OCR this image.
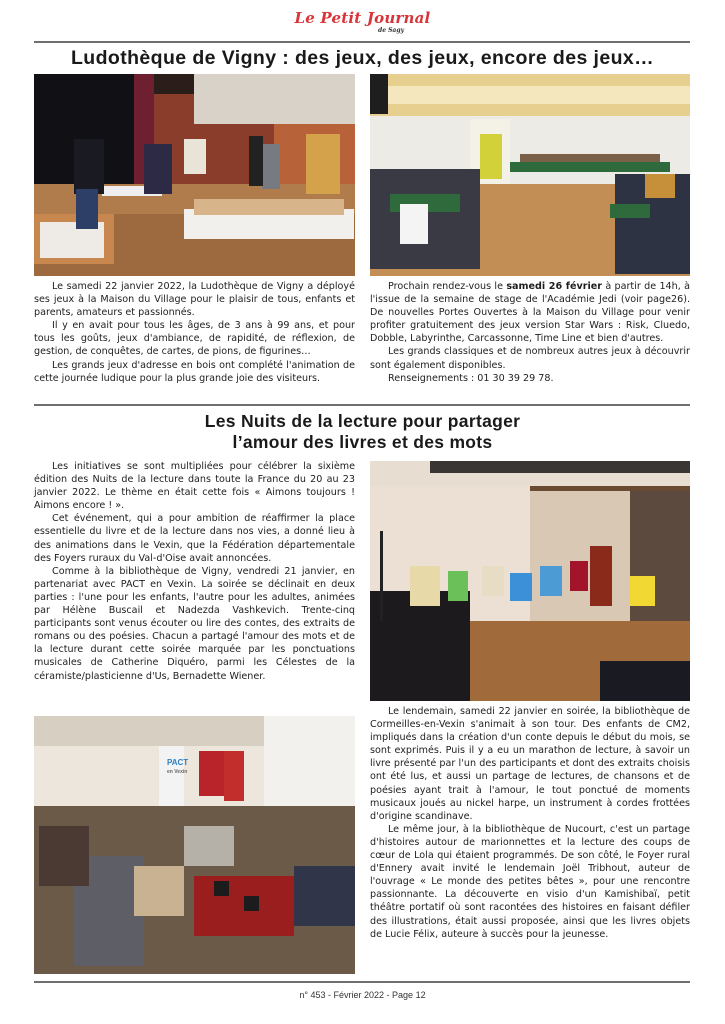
Le Petit Journal
de Sagy
Ludothèque de Vigny : des jeux, des jeux, encore des jeux…

Le samedi 22 janvier 2022, la Ludothèque de Vigny a déployé ses jeux à la Maison du Village pour le plaisir de tous, enfants et parents, amateurs et passionnés.

Il y en avait pour tous les âges, de 3 ans à 99 ans, et pour tous les goûts, jeux d'ambiance, de rapidité, de réflexion, de gestion, de conquêtes, de cartes, de pions, de figurines…

Les grands jeux d'adresse en bois ont complété l'animation de cette journée ludique pour la plus grande joie des visiteurs.

Prochain rendez-vous le samedi 26 février à partir de 14h, à l'issue de la semaine de stage de l'Académie Jedi (voir page26). De nouvelles Portes Ouvertes à la Maison du Village pour venir profiter gratuitement des jeux version Star Wars : Risk, Cluedo, Dobble, Labyrinthe, Carcassonne, Time Line et bien d'autres.

Les grands classiques et de nombreux autres jeux à découvrir sont également disponibles.

Renseignements : 01 30 39 29 78.

Les Nuits de la lecture pour partager
l’amour des livres et des mots

Les initiatives se sont multipliées pour célébrer la sixième édition des Nuits de la lecture dans toute la France du 20 au 23 janvier 2022. Le thème en était cette fois « Aimons toujours ! Aimons encore ! ».

Cet événement, qui a pour ambition de réaffirmer la place essentielle du livre et de la lecture dans nos vies, a donné lieu à des animations dans le Vexin, que la Fédération départementale des Foyers ruraux du Val-d'Oise avait annoncées.

Comme à la bibliothèque de Vigny, vendredi 21 janvier, en partenariat avec PACT en Vexin. La soirée se déclinait en deux parties : l'une pour les enfants, l'autre pour les adultes, animées par Hélène Buscail et Nadezda Vashkevich. Trente-cinq participants sont venus écouter ou lire des contes, des extraits de romans ou des poésies. Chacun a partagé l'amour des mots et de la lecture durant cette soirée marquée par les ponctuations musicales de Catherine Diquéro, parmi les Célestes de la céramiste/plasticienne d'Us, Bernadette Wiener.

PACT
en Vexin

Le lendemain, samedi 22 janvier en soirée, la bibliothèque de Cormeilles-en-Vexin s'animait à son tour. Des enfants de CM2, impliqués dans la création d'un conte depuis le début du mois, se sont exprimés. Puis il y a eu un marathon de lecture, à savoir un livre présenté par l'un des participants et dont des extraits choisis ont été lus, et aussi un partage de lectures, de chansons et de poésies ayant trait à l'amour, le tout ponctué de moments musicaux joués au nickel harpe, un instrument à cordes frottées d'origine scandinave.

Le même jour, à la bibliothèque de Nucourt, c'est un partage d'histoires autour de marionnettes et la lecture des coups de cœur de Lola qui étaient programmés. De son côté, le Foyer rural d'Ennery avait invité le lendemain Joël Tribhout, auteur de l'ouvrage « Le monde des petites bêtes », pour une rencontre passionnante. La découverte en visio d'un Kamishibaï, petit théâtre portatif où sont racontées des histoires en faisant défiler des illustrations, était aussi proposée, ainsi que les livres objets de Lucie Félix, auteure à succès pour la jeunesse.

n° 453 - Février 2022 - Page 12
